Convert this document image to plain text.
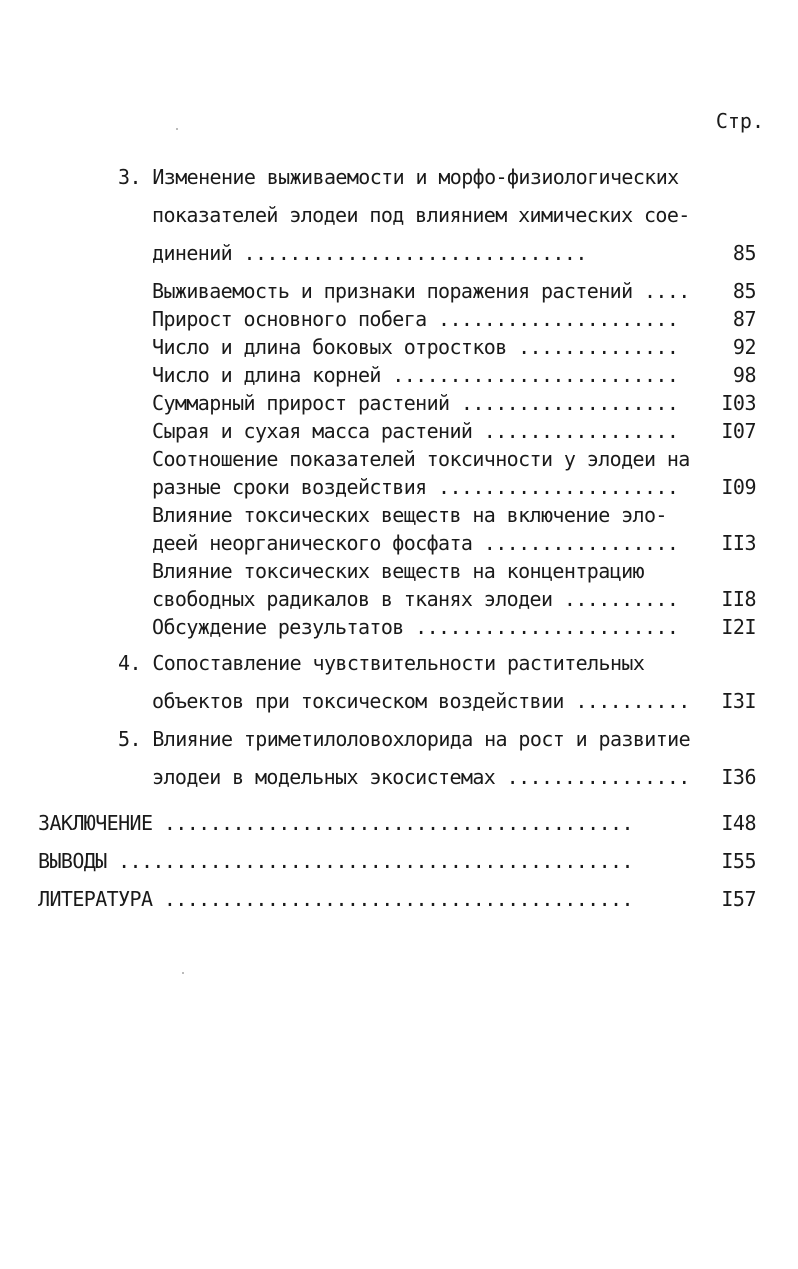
Стр.
3. Изменение выживаемости и морфо-физиологических
показателей элодеи под влиянием химических сое-
динений ..............................	85
Выживаемость и признаки поражения растений ....	85
Прирост основного побега .....................	87
Число и длина боковых отростков ..............	92
Число и длина корней .........................	98
Суммарный прирост растений ...................	I03
Сырая и сухая масса растений .................	I07
Соотношение показателей токсичности у элодеи на
разные сроки воздействия .....................	I09
Влияние токсических веществ на включение эло-
деей неорганического фосфата .................	II3
Влияние токсических веществ на концентрацию
свободных радикалов в тканях элодеи ..........	II8
Обсуждение результатов .......................	I2I
4. Сопоставление чувствительности растительных
объектов при токсическом воздействии ..........	I3I
5. Влияние триметилоловохлорида на рост и развитие
элодеи в модельных экосистемах ................	I36
ЗАКЛЮЧЕНИЕ .........................................	I48
ВЫВОДЫ .............................................	I55
ЛИТЕРАТУРА .........................................	I57
